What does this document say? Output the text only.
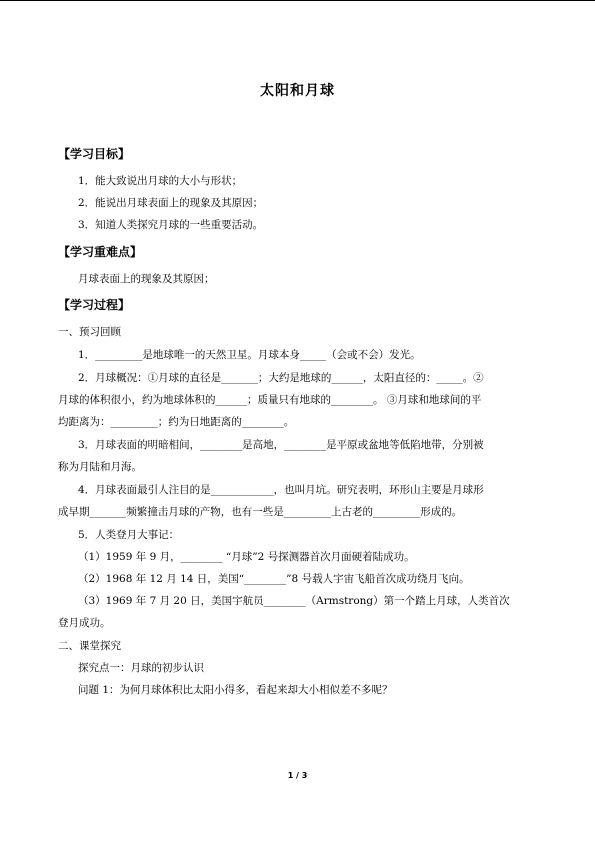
太阳和月球
【学习目标】
1．能大致说出月球的大小与形状；
2．能说出月球表面上的现象及其原因；
3．知道人类探究月球的一些重要活动。
【学习重难点】
月球表面上的现象及其原因；
【学习过程】
一、预习回顾
1．_________是地球唯一的天然卫星。月球本身_____（会或不会）发光。
2．月球概况：①月球的直径是_______；大约是地球的______，太阳直径的：_____。②
月球的体积很小，约为地球体积的______；质量只有地球的________。 ③月球和地球间的平
均距离为：_________；约为日地距离的________。
3．月球表面的明暗相间，________是高地，________是平原或盆地等低陷地带，分别被
称为月陆和月海。
4．月球表面最引人注目的是____________，也叫月坑。研究表明，环形山主要是月球形
成早期_______频繁撞击月球的产物，也有一些是_________上古老的_________形成的。
5．人类登月大事记：
（1）1959 年 9 月，________ “月球”2 号探测器首次月面硬着陆成功。
（2）1968 年 12 月 14 日，美国“________”8 号载人宇宙飞船首次成功绕月飞向。
（3）1969 年 7 月 20 日，美国宇航员________（Armstrong）第一个踏上月球，人类首次
登月成功。
二、课堂探究
探究点一：月球的初步认识
问题 1：为何月球体积比太阳小得多，看起来却大小相似差不多呢？
1 / 3
